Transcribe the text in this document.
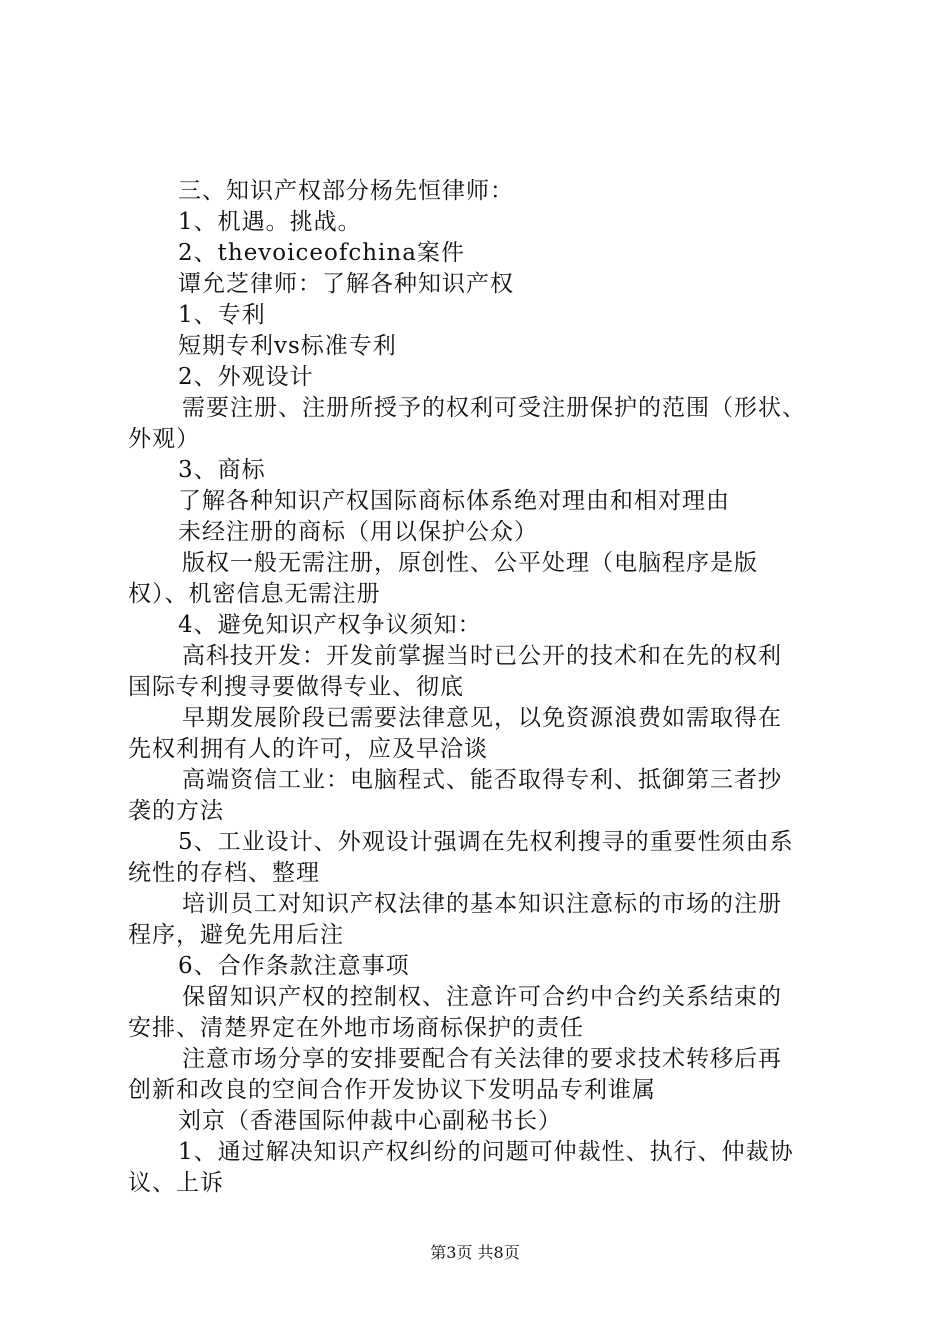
三、知识产权部分杨先恒律师：
1、机遇。挑战。
2、thevoiceofchina案件
谭允芝律师：了解各种知识产权
1、专利
短期专利vs标准专利
2、外观设计
需要注册、注册所授予的权利可受注册保护的范围（形状、
外观）
3、商标
了解各种知识产权国际商标体系绝对理由和相对理由
未经注册的商标（用以保护公众）
版权一般无需注册，原创性、公平处理（电脑程序是版
权）、机密信息无需注册
4、避免知识产权争议须知：
高科技开发：开发前掌握当时已公开的技术和在先的权利
国际专利搜寻要做得专业、彻底
早期发展阶段已需要法律意见，以免资源浪费如需取得在
先权利拥有人的许可，应及早洽谈
高端资信工业：电脑程式、能否取得专利、抵御第三者抄
袭的方法
5、工业设计、外观设计强调在先权利搜寻的重要性须由系
统性的存档、整理
培训员工对知识产权法律的基本知识注意标的市场的注册
程序，避免先用后注
6、合作条款注意事项
保留知识产权的控制权、注意许可合约中合约关系结束的
安排、清楚界定在外地市场商标保护的责任
注意市场分享的安排要配合有关法律的要求技术转移后再
创新和改良的空间合作开发协议下发明品专利谁属
刘京（香港国际仲裁中心副秘书长）
1、通过解决知识产权纠纷的问题可仲裁性、执行、仲裁协
议、上诉
第3页 共8页
